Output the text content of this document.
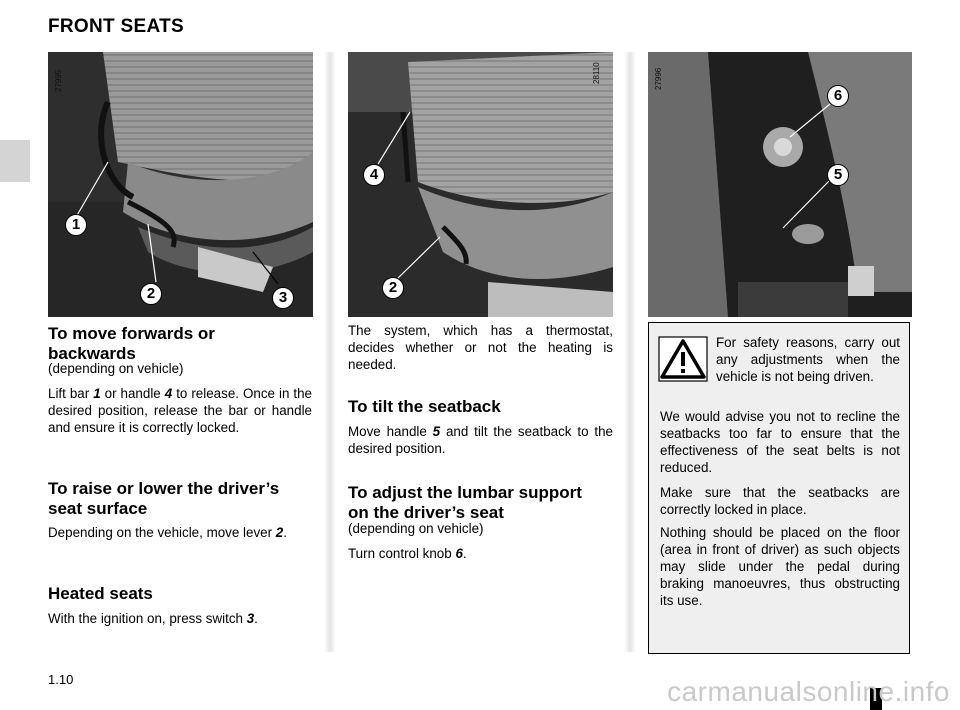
FRONT SEATS
27995
1
2	3
28110
4
2
27996
6
5
To move forwards or
backwards
(depending on vehicle)
Lift bar 1 or handle 4 to release. Once in the desired position, release the bar or handle and ensure it is correctly locked.
To raise or lower the driver’s
seat surface
Depending on the vehicle, move lever 2.
Heated seats
With the ignition on, press switch 3.
The system, which has a thermostat, decides whether or not the heating is needed.
To tilt the seatback
Move handle 5 and tilt the seatback to the desired position.
To adjust the lumbar support
on the driver’s seat
(depending on vehicle)
Turn control knob 6.
For safety reasons, carry out any adjustments when the vehicle is not being driven.
We would advise you not to recline the seatbacks too far to ensure that the effectiveness of the seat belts is not reduced.
Make sure that the seatbacks are correctly locked in place.
Nothing should be placed on the floor (area in front of driver) as such objects may slide under the pedal during braking manoeuvres, thus obstructing its use.
1.10	carmanualsonline.info
